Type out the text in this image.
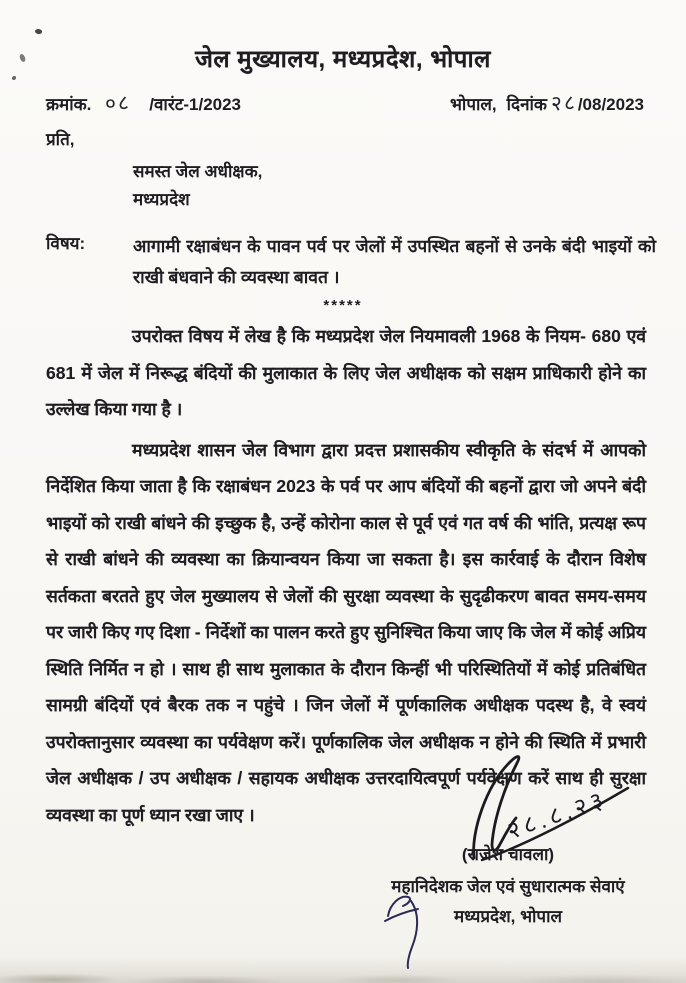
जेल मुख्यालय, मध्यप्रदेश, भोपाल
क्रमांक. ०८ /वारंट-1/2023	भोपाल, दिनांक २८ /08/2023
प्रति,
समस्त जेल अधीक्षक,
मध्यप्रदेश
विषय:	आगामी रक्षाबंधन के पावन पर्व पर जेलों में उपस्थित बहनों से उनके बंदी भाइयों को राखी बंधवाने की व्यवस्था बावत ।
*****
उपरोक्त विषय में लेख है कि मध्यप्रदेश जेल नियमावली 1968 के नियम- 680 एवं 681 में जेल में निरूद्ध बंदियों की मुलाकात के लिए जेल अधीक्षक को सक्षम प्राधिकारी होने का उल्लेख किया गया है ।
मध्यप्रदेश शासन जेल विभाग द्वारा प्रदत्त प्रशासकीय स्वीकृति के संदर्भ में आपको निर्देशित किया जाता है कि रक्षाबंधन 2023 के पर्व पर आप बंदियों की बहनों द्वारा जो अपने बंदी भाइयों को राखी बांधने की इच्छुक है, उन्हें कोरोना काल से पूर्व एवं गत वर्ष की भांति, प्रत्यक्ष रूप से राखी बांधने की व्यवस्था का क्रियान्वयन किया जा सकता है। इस कार्रवाई के दौरान विशेष सर्तकता बरतते हुए जेल मुख्यालय से जेलों की सुरक्षा व्यवस्था के सुदृढीकरण बावत समय-समय पर जारी किए गए दिशा - निर्देशों का पालन करते हुए सुनिश्चित किया जाए कि जेल में कोई अप्रिय स्थिति निर्मित न हो । साथ ही साथ मुलाकात के दौरान किन्हीं भी परिस्थितियों में कोई प्रतिबंधित सामग्री बंदियों एवं बैरक तक न पहुंचे । जिन जेलों में पूर्णकालिक अधीक्षक पदस्थ है, वे स्वयं उपरोक्तानुसार व्यवस्था का पर्यवेक्षण करें। पूर्णकालिक जेल अधीक्षक न होने की स्थिति में प्रभारी जेल अधीक्षक / उप अधीक्षक / सहायक अधीक्षक उत्तरदायित्वपूर्ण पर्यवेक्षण करें साथ ही सुरक्षा व्यवस्था का पूर्ण ध्यान रखा जाए ।	२८.८.२३
(राजेश चावला)
महानिदेशक जेल एवं सुधारात्मक सेवाएं
मध्यप्रदेश, भोपाल
